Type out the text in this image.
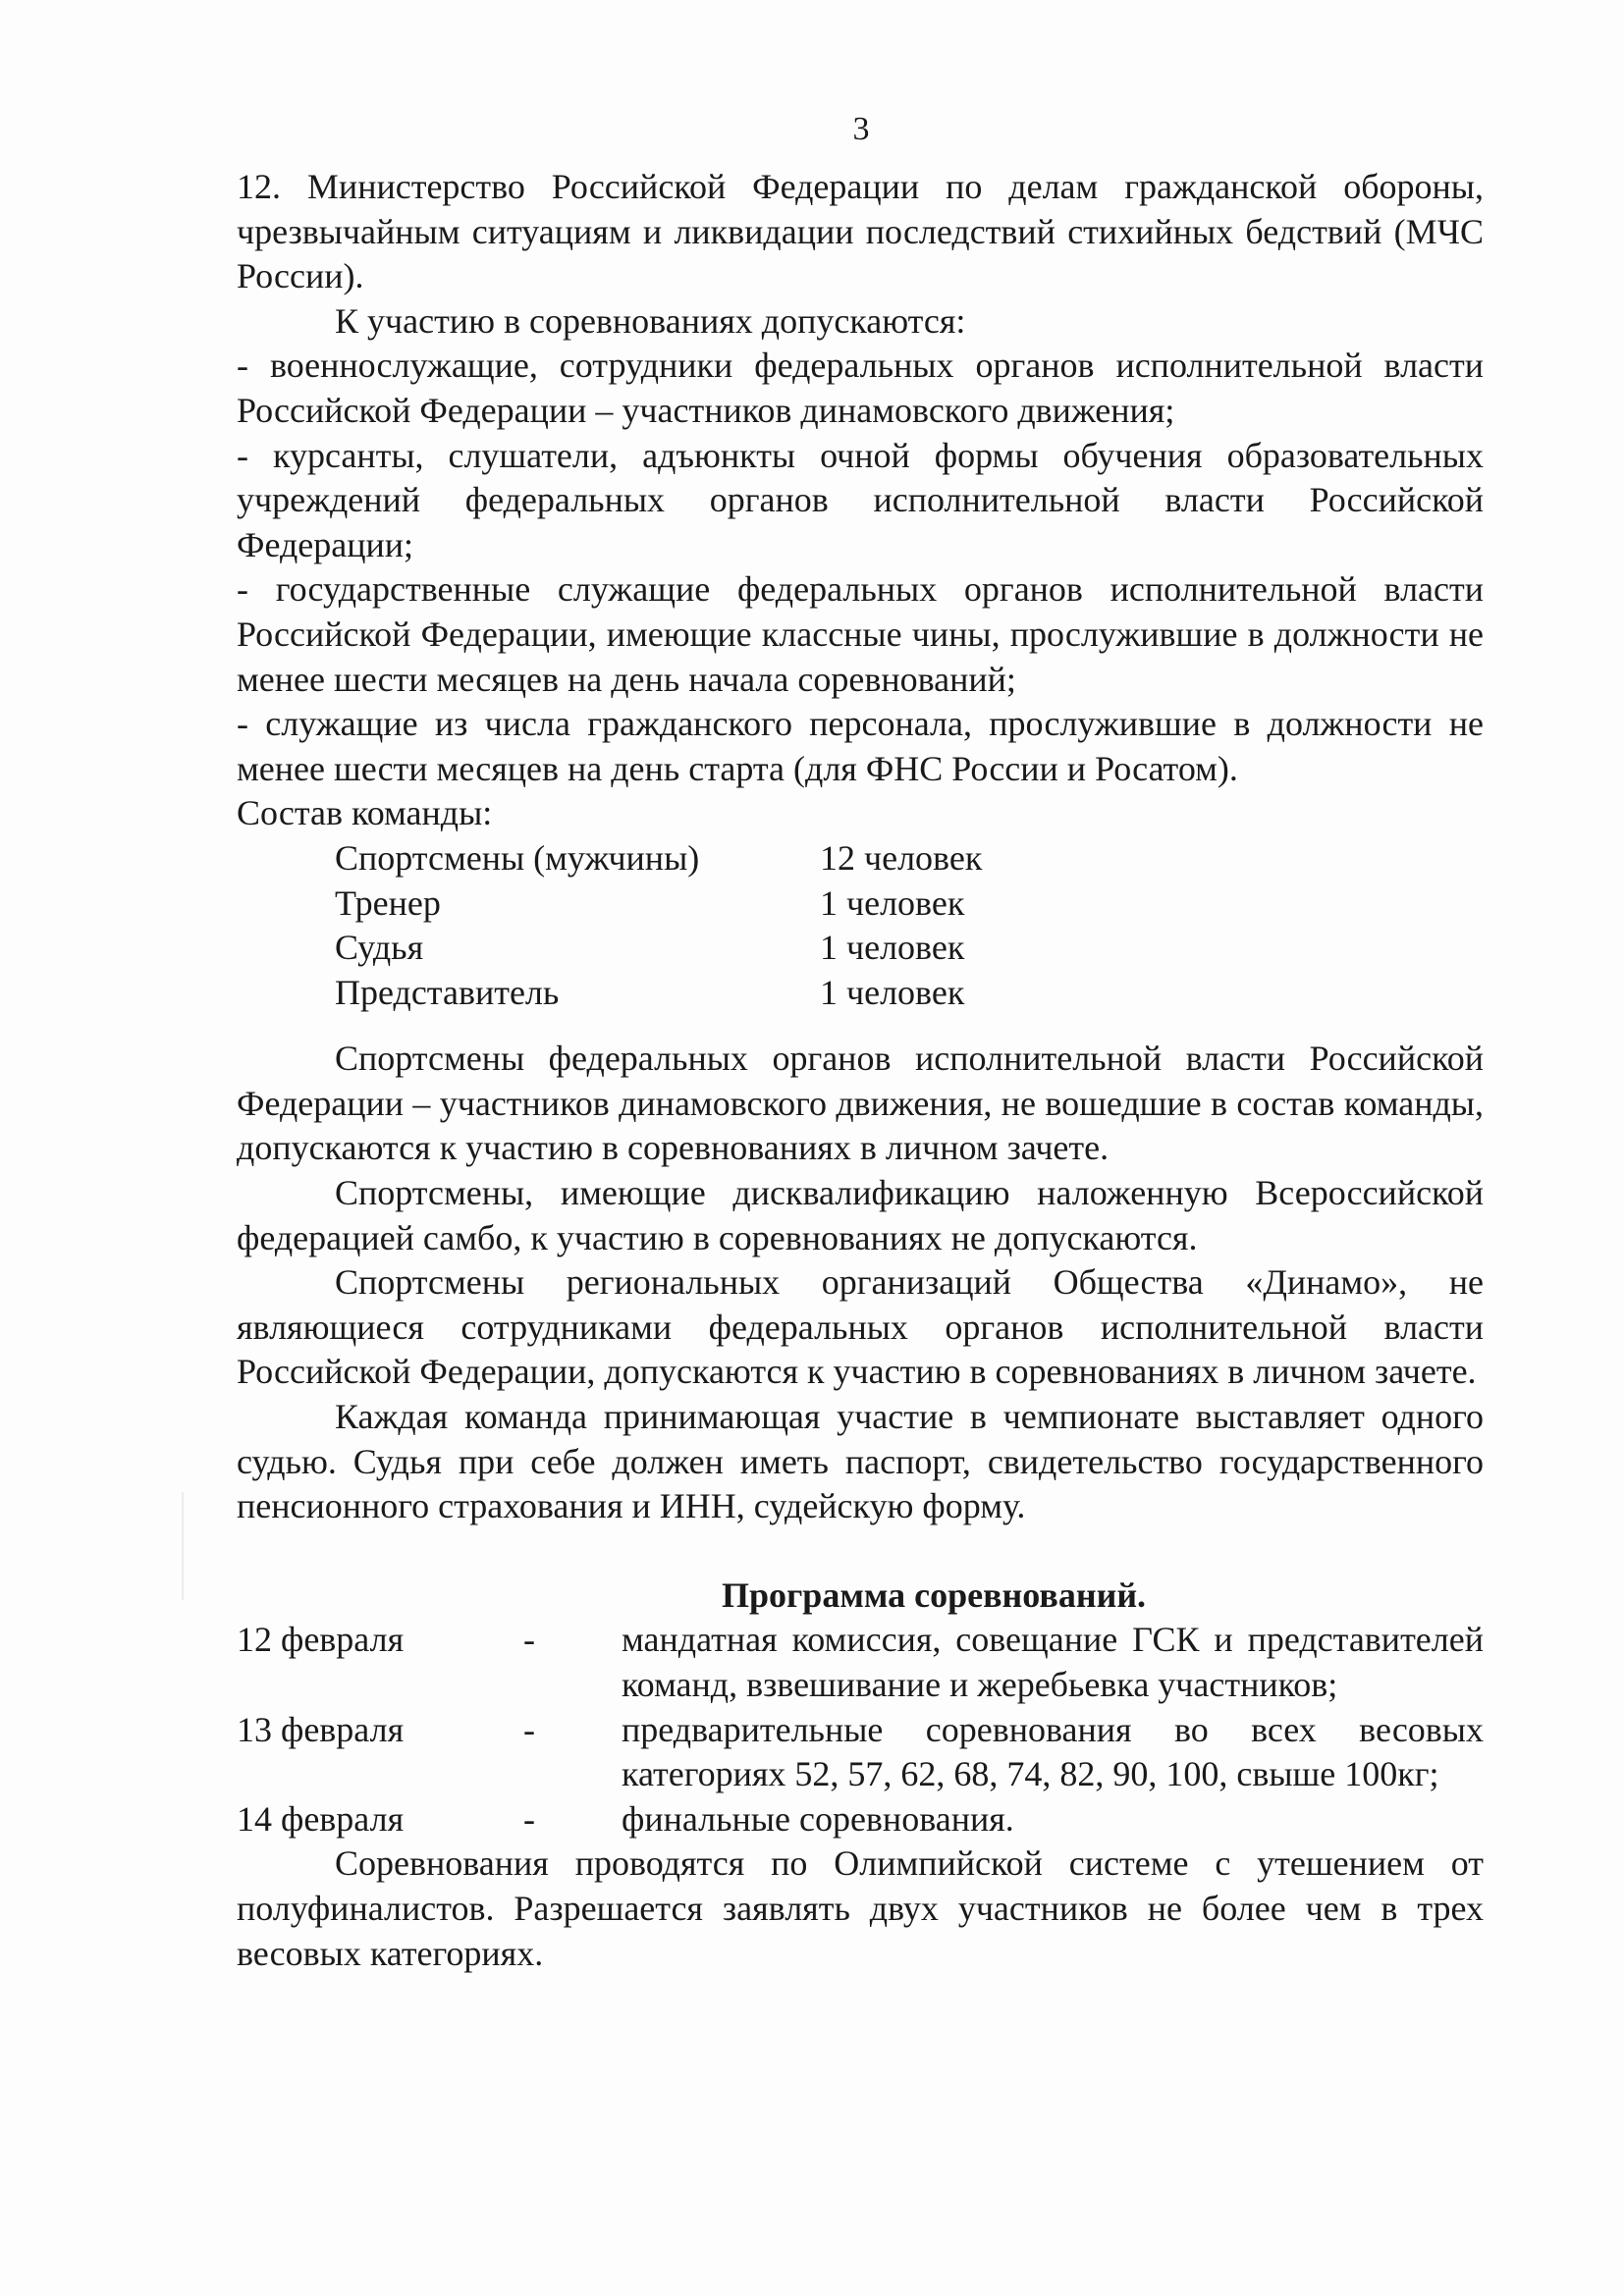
3

12. Министерство Российской Федерации по делам гражданской обороны, чрезвычайным ситуациям и ликвидации последствий стихийных бедствий (МЧС России).

К участию в соревнованиях допускаются:

- военнослужащие, сотрудники федеральных органов исполнительной власти Российской Федерации – участников динамовского движения;

- курсанты, слушатели, адъюнкты очной формы обучения образовательных учреждений федеральных органов исполнительной власти Российской Федерации;

- государственные служащие федеральных органов исполнительной власти Российской Федерации, имеющие классные чины, прослужившие в должности не менее шести месяцев на день начала соревнований;

- служащие из числа гражданского персонала, прослужившие в должности не менее шести месяцев на день старта (для ФНС России и Росатом).

Состав команды:

Спортсмены (мужчины)	12 человек
Тренер	1 человек
Судья	1 человек
Представитель	1 человек

Спортсмены федеральных органов исполнительной власти Российской Федерации – участников динамовского движения, не вошедшие в состав команды, допускаются к участию в соревнованиях в личном зачете.

Спортсмены, имеющие дисквалификацию наложенную Всероссийской федерацией самбо, к участию в соревнованиях не допускаются.

Спортсмены региональных организаций Общества «Динамо», не являющиеся сотрудниками федеральных органов исполнительной власти Российской Федерации, допускаются к участию в соревнованиях в личном зачете.

Каждая команда принимающая участие в чемпионате выставляет одного судью. Судья при себе должен иметь паспорт, свидетельство государственного пенсионного страхования и ИНН, судейскую форму.

Программа соревнований.

12 февраля	-	мандатная комиссия, совещание ГСК и представителей команд, взвешивание и жеребьевка участников;
13 февраля	-	предварительные соревнования во всех весовых категориях 52, 57, 62, 68, 74, 82, 90, 100, свыше 100кг;
14 февраля	-	финальные соревнования.

Соревнования проводятся по Олимпийской системе с утешением от полуфиналистов. Разрешается заявлять двух участников не более чем в трех весовых категориях.
